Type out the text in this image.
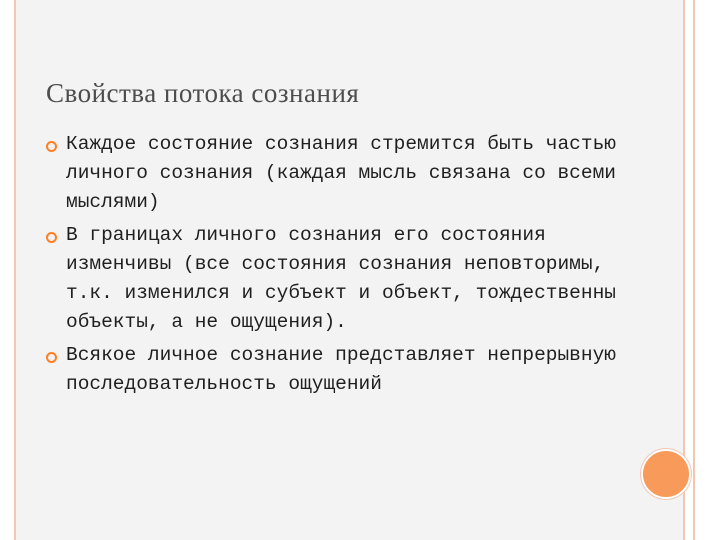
Свойства потока сознания
Каждое состояние сознания стремится быть частью личного сознания (каждая мысль связана со всеми мыслями)
В границах личного сознания его состояния изменчивы (все состояния сознания неповторимы, т.к. изменился и субъект и объект, тождественны объекты, а не ощущения).
Всякое личное сознание представляет непрерывную последовательность ощущений
